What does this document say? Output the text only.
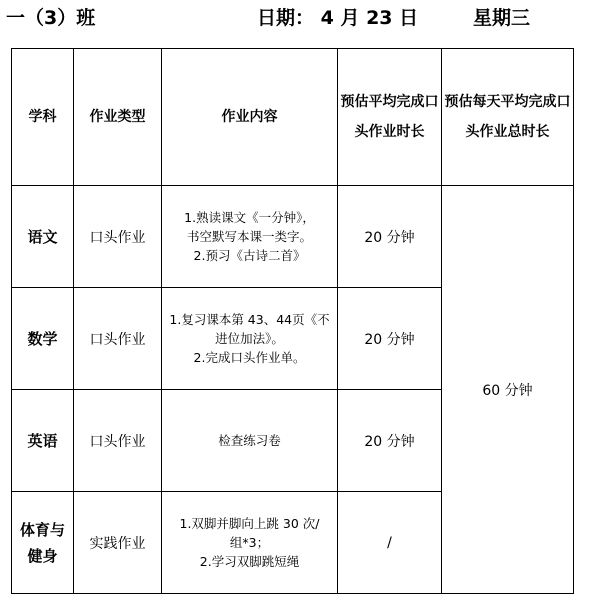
一（3）班	日期： 4 月 23 日	星期三
学科	作业类型	作业内容	预估平均完成口头作业时长	预估每天平均完成口头作业总时长
语文	口头作业	1.熟读课文《一分钟》，
书空默写本课一类字。
2.预习《古诗二首》	20 分钟	60 分钟
数学	口头作业	1.复习课本第 43、44页《不
进位加法》。
2.完成口头作业单。	20 分钟	
英语	口头作业	检查练习卷	20 分钟	
体育与
健身	实践作业	1.双脚并脚向上跳 30 次/
组*3；
2.学习双脚跳短绳	/	
